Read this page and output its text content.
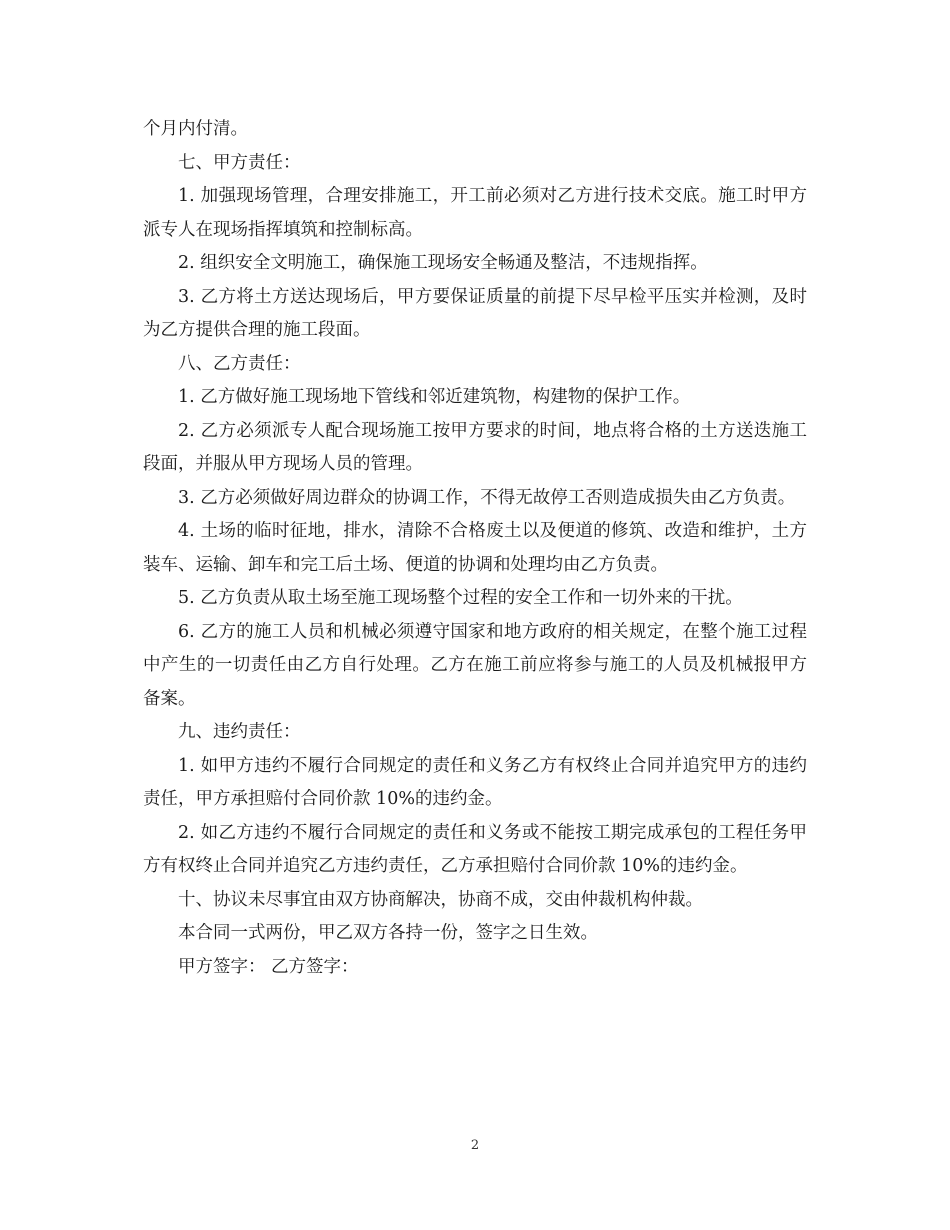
个月内付清。

七、甲方责任：

1. 加强现场管理，合理安排施工，开工前必须对乙方进行技术交底。施工时甲方派专人在现场指挥填筑和控制标高。

2. 组织安全文明施工，确保施工现场安全畅通及整洁，不违规指挥。

3. 乙方将土方送达现场后，甲方要保证质量的前提下尽早检平压实并检测，及时为乙方提供合理的施工段面。

八、乙方责任：

1. 乙方做好施工现场地下管线和邻近建筑物，构建物的保护工作。

2. 乙方必须派专人配合现场施工按甲方要求的时间，地点将合格的土方送迭施工段面，并服从甲方现场人员的管理。

3. 乙方必须做好周边群众的协调工作，不得无故停工否则造成损失由乙方负责。

4. 土场的临时征地，排水，清除不合格废土以及便道的修筑、改造和维护，土方装车、运输、卸车和完工后土场、便道的协调和处理均由乙方负责。

5. 乙方负责从取土场至施工现场整个过程的安全工作和一切外来的干扰。

6. 乙方的施工人员和机械必须遵守国家和地方政府的相关规定，在整个施工过程中产生的一切责任由乙方自行处理。乙方在施工前应将参与施工的人员及机械报甲方备案。

九、违约责任：

1. 如甲方违约不履行合同规定的责任和义务乙方有权终止合同并追究甲方的违约责任，甲方承担赔付合同价款 10%的违约金。

2. 如乙方违约不履行合同规定的责任和义务或不能按工期完成承包的工程任务甲方有权终止合同并追究乙方违约责任，乙方承担赔付合同价款 10%的违约金。

十、协议未尽事宜由双方协商解决，协商不成，交由仲裁机构仲裁。

本合同一式两份，甲乙双方各持一份，签字之日生效。

甲方签字： 乙方签字：

2
